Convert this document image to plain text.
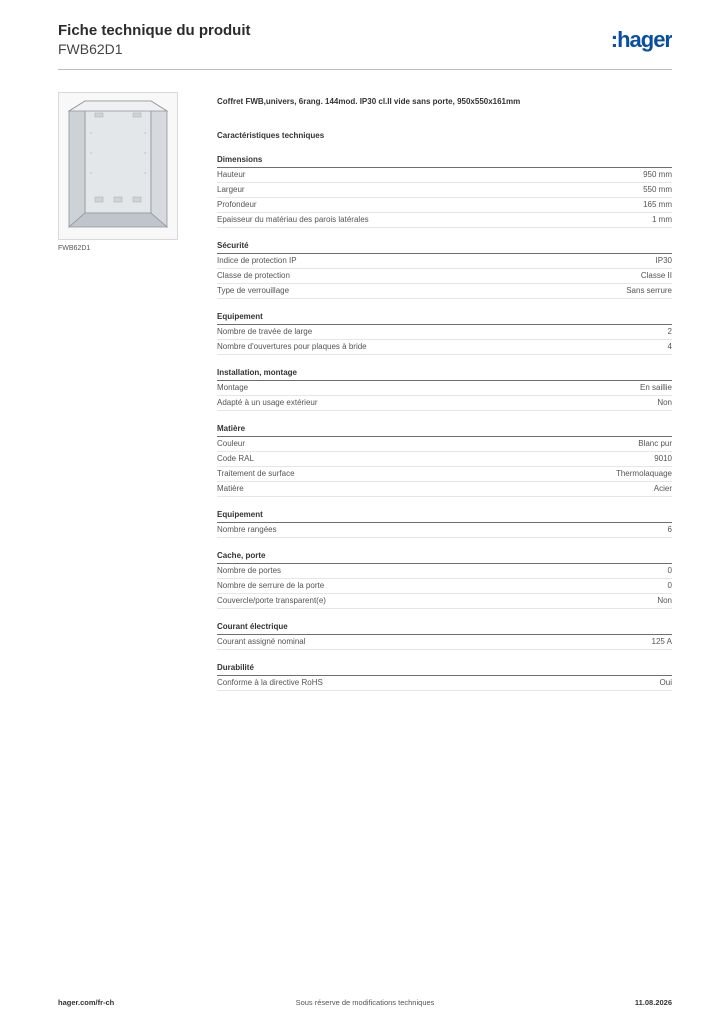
Fiche technique du produit
FWB62D1	:hager
FWB62D1
Coffret FWB,univers, 6rang. 144mod. IP30 cl.II vide sans porte, 950x550x161mm
Caractéristiques techniques
Dimensions
Hauteur	950 mm
Largeur	550 mm
Profondeur	165 mm
Epaisseur du matériau des parois latérales	1 mm
Sécurité
Indice de protection IP	IP30
Classe de protection	Classe II
Type de verrouillage	Sans serrure
Equipement
Nombre de travée de large	2
Nombre d'ouvertures pour plaques à bride	4
Installation, montage
Montage	En saillie
Adapté à un usage extérieur	Non
Matière
Couleur	Blanc pur
Code RAL	9010
Traitement de surface	Thermolaquage
Matière	Acier
Equipement
Nombre rangées	6
Cache, porte
Nombre de portes	0
Nombre de serrure de la porte	0
Couvercle/porte transparent(e)	Non
Courant électrique
Courant assigné nominal	125 A
Durabilité
Conforme à la directive RoHS	Oui
hager.com/fr-ch	Sous réserve de modifications techniques	11.08.2026
